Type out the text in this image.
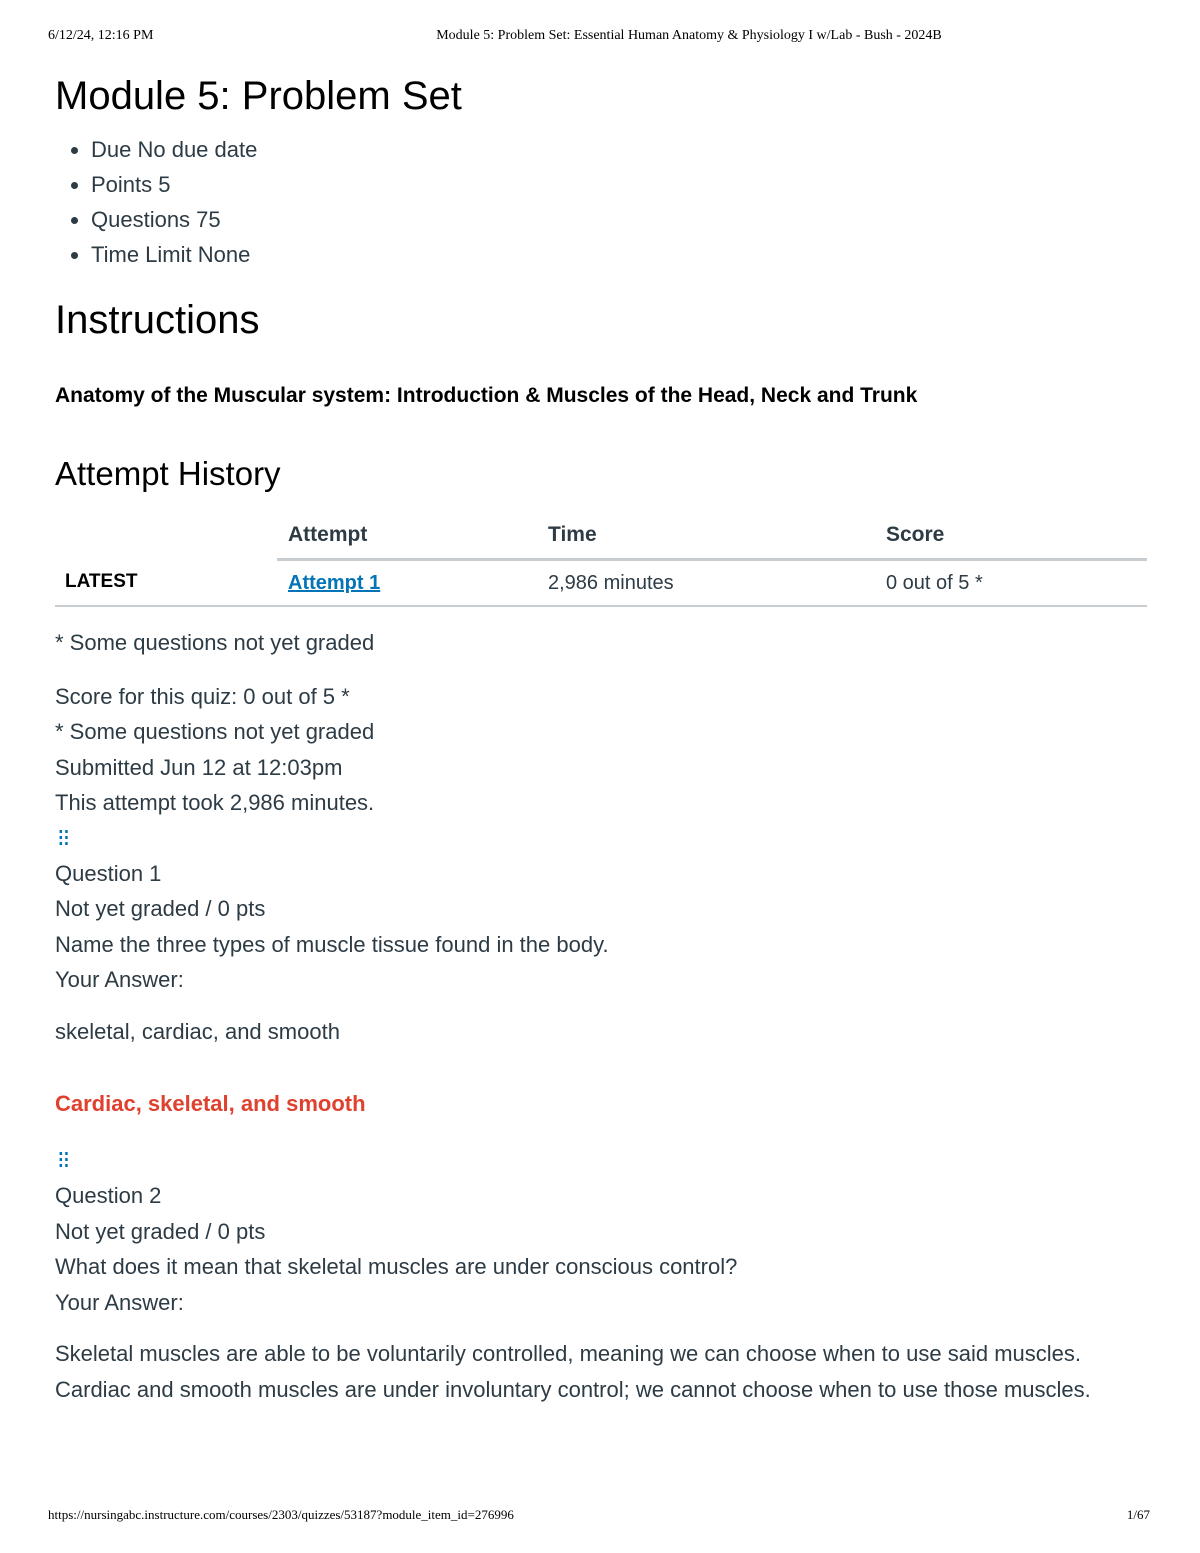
6/12/24, 12:16 PM	Module 5: Problem Set: Essential Human Anatomy & Physiology I w/Lab - Bush - 2024B
Module 5: Problem Set
• Due No due date
• Points 5
• Questions 75
• Time Limit None
Instructions
Anatomy of the Muscular system: Introduction & Muscles of the Head, Neck and Trunk
Attempt History
		Attempt	Time	Score
LATEST		Attempt 1	2,986 minutes	0 out of 5 *
* Some questions not yet graded
Score for this quiz: 0 out of 5 *
* Some questions not yet graded
Submitted Jun 12 at 12:03pm
This attempt took 2,986 minutes.
⁝⁝
Question 1
Not yet graded / 0 pts
Name the three types of muscle tissue found in the body.
Your Answer:
skeletal, cardiac, and smooth
Cardiac, skeletal, and smooth
⁝⁝
Question 2
Not yet graded / 0 pts
What does it mean that skeletal muscles are under conscious control?
Your Answer:
Skeletal muscles are able to be voluntarily controlled, meaning we can choose when to use said muscles. Cardiac and smooth muscles are under involuntary control; we cannot choose when to use those muscles.
https://nursingabc.instructure.com/courses/2303/quizzes/53187?module_item_id=276996	1/67
